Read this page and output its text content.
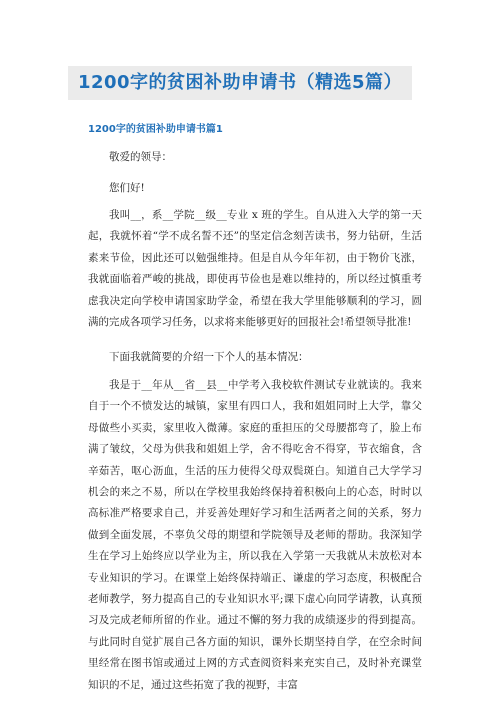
1200字的贫困补助申请书（精选5篇）
1200字的贫困补助申请书篇1

敬爱的领导：

您们好!

我叫__，系__学院__级__专业 x 班的学生。自从进入大学的第一天起，我就怀着“学不成名誓不还”的坚定信念刻苦读书，努力钻研，生活素来节俭，因此还可以勉强维持。但是自从今年年初，由于物价飞涨，我就面临着严峻的挑战，即使再节俭也是难以维持的，所以经过慎重考虑我决定向学校申请国家助学金，希望在我大学里能够顺利的学习，圆满的完成各项学习任务，以求将来能够更好的回报社会!希望领导批准!

下面我就简要的介绍一下个人的基本情况：

我是于__年从__省__县__中学考入我校软件测试专业就读的。我来自于一个不愤发达的城镇，家里有四口人，我和姐姐同时上大学，靠父母做些小买卖，家里收入微薄。家庭的重担压的父母腰都弯了，脸上布满了皱纹，父母为供我和姐姐上学，舍不得吃舍不得穿，节衣缩食，含辛茹苦，呕心沥血，生活的压力使得父母双鬓斑白。知道自己大学学习机会的来之不易，所以在学校里我始终保持着积极向上的心态，时时以高标准严格要求自己，并妥善处理好学习和生活两者之间的关系，努力做到全面发展，不辜负父母的期望和学院领导及老师的帮助。我深知学生在学习上始终应以学业为主，所以我在入学第一天我就从未放松对本专业知识的学习。在课堂上始终保持端正、谦虚的学习态度，积极配合老师教学，努力提高自己的专业知识水平;课下虚心向同学请教，认真预习及完成老师所留的作业。通过不懈的努力我的成绩逐步的得到提高。与此同时自觉扩展自己各方面的知识，课外长期坚持自学，在空余时间里经常在图书馆或通过上网的方式查阅资料来充实自己，及时补充课堂知识的不足，通过这些拓宽了我的视野，丰富
